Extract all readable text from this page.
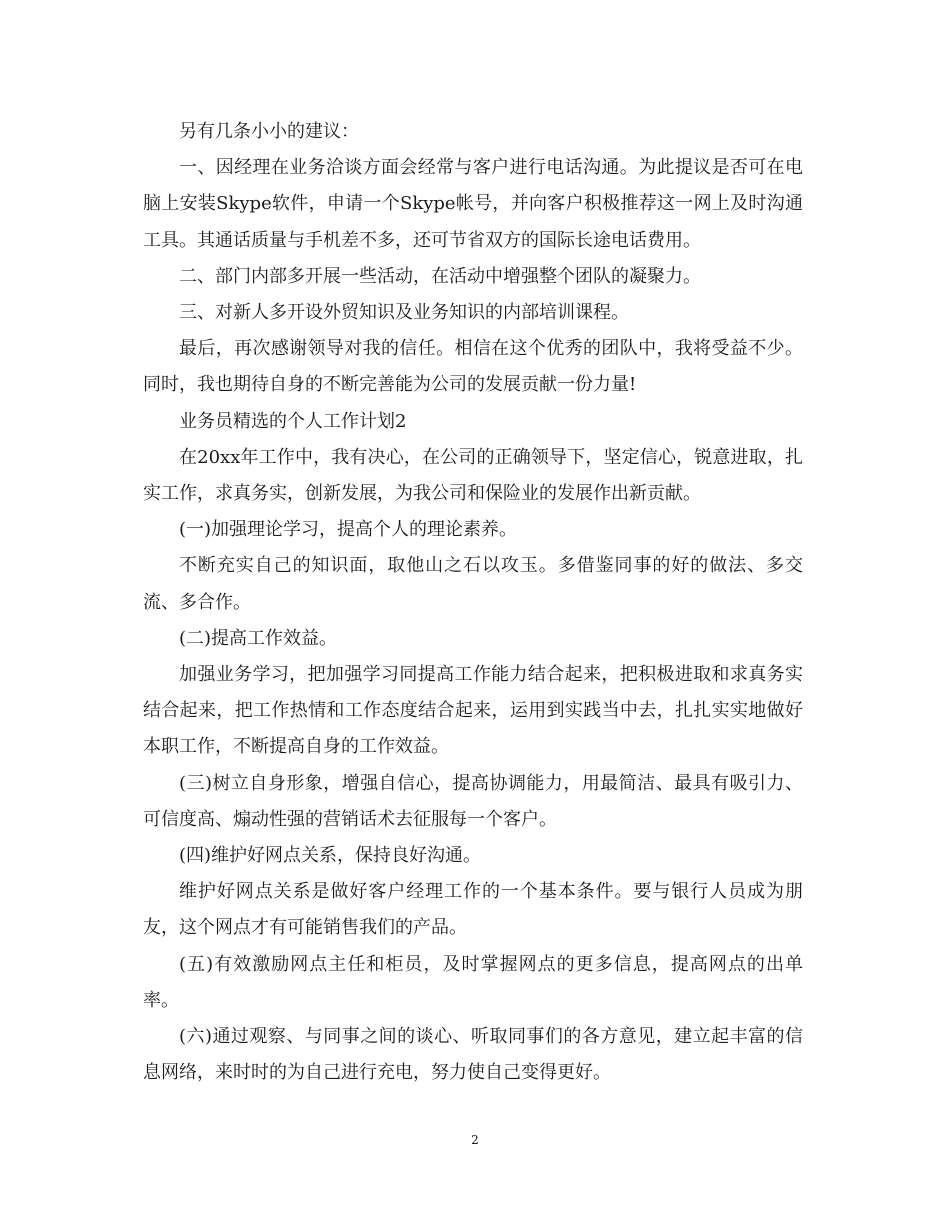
另有几条小小的建议：

一、因经理在业务洽谈方面会经常与客户进行电话沟通。为此提议是否可在电脑上安装Skype软件，申请一个Skype帐号，并向客户积极推荐这一网上及时沟通工具。其通话质量与手机差不多，还可节省双方的国际长途电话费用。

二、部门内部多开展一些活动，在活动中增强整个团队的凝聚力。

三、对新人多开设外贸知识及业务知识的内部培训课程。

最后，再次感谢领导对我的信任。相信在这个优秀的团队中，我将受益不少。同时，我也期待自身的不断完善能为公司的发展贡献一份力量!

业务员精选的个人工作计划2

在20xx年工作中，我有决心，在公司的正确领导下，坚定信心，锐意进取，扎实工作，求真务实，创新发展，为我公司和保险业的发展作出新贡献。

(一)加强理论学习，提高个人的理论素养。

不断充实自己的知识面，取他山之石以攻玉。多借鉴同事的好的做法、多交流、多合作。

(二)提高工作效益。

加强业务学习，把加强学习同提高工作能力结合起来，把积极进取和求真务实结合起来，把工作热情和工作态度结合起来，运用到实践当中去，扎扎实实地做好本职工作，不断提高自身的工作效益。

(三)树立自身形象，增强自信心，提高协调能力，用最简洁、最具有吸引力、可信度高、煽动性强的营销话术去征服每一个客户。

(四)维护好网点关系，保持良好沟通。

维护好网点关系是做好客户经理工作的一个基本条件。要与银行人员成为朋友，这个网点才有可能销售我们的产品。

(五)有效激励网点主任和柜员，及时掌握网点的更多信息，提高网点的出单率。

(六)通过观察、与同事之间的谈心、听取同事们的各方意见，建立起丰富的信息网络，来时时的为自己进行充电，努力使自己变得更好。

2
